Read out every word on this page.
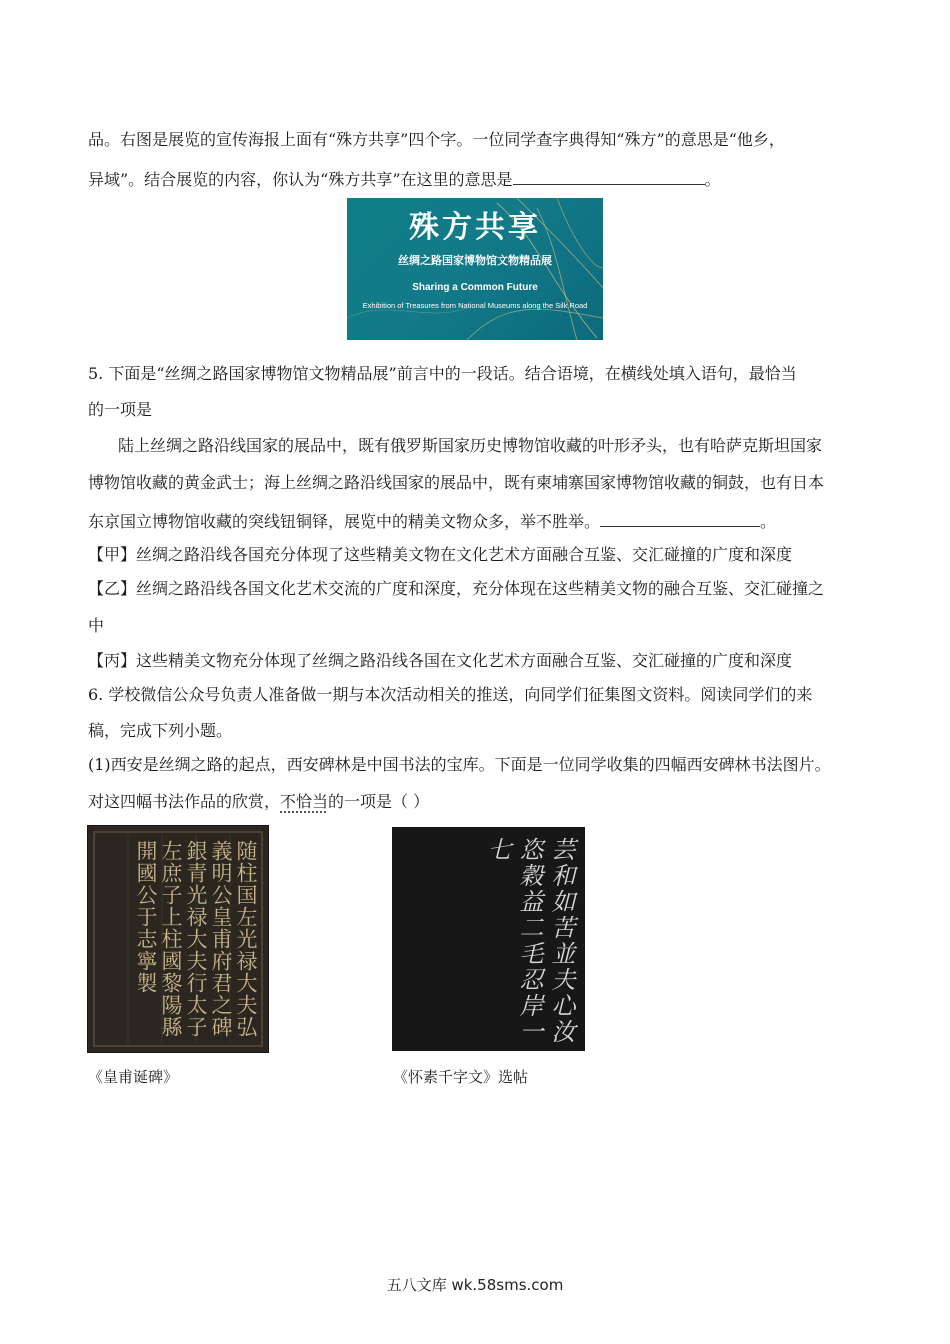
品。右图是展览的宣传海报上面有“殊方共享”四个字。一位同学查字典得知“殊方”的意思是“他乡，
异域”。结合展览的内容，你认为“殊方共享”在这里的意思是	。
殊方共享
丝绸之路国家博物馆文物精品展
Sharing a Common Future
Exhibition of Treasures from National Museums along the Silk Road
5. 下面是“丝绸之路国家博物馆文物精品展”前言中的一段话。结合语境，在横线处填入语句，最恰当
的一项是
陆上丝绸之路沿线国家的展品中，既有俄罗斯国家历史博物馆收藏的叶形矛头，也有哈萨克斯坦国家
博物馆收藏的黄金武士；海上丝绸之路沿线国家的展品中，既有柬埔寨国家博物馆收藏的铜鼓，也有日本
东京国立博物馆收藏的突线钮铜铎，展览中的精美文物众多，举不胜举。	。
【甲】丝绸之路沿线各国充分体现了这些精美文物在文化艺术方面融合互鉴、交汇碰撞的广度和深度
【乙】丝绸之路沿线各国文化艺术交流的广度和深度，充分体现在这些精美文物的融合互鉴、交汇碰撞之
中
【丙】这些精美文物充分体现了丝绸之路沿线各国在文化艺术方面融合互鉴、交汇碰撞的广度和深度
6. 学校微信公众号负责人准备做一期与本次活动相关的推送，向同学们征集图文资料。阅读同学们的来
稿，完成下列小题。
(1)西安是丝绸之路的起点，西安碑林是中国书法的宝库。下面是一位同学收集的四幅西安碑林书法图片。
对这四幅书法作品的欣赏，不恰当的一项是（ ）
随柱国左光禄大夫弘義明公皇甫府君之碑銀青光禄大夫行太子左庶子上柱國黎陽縣開國公于志寧製	芸和如苦並夫心汝恣穀益二毛忍岸一七
《皇甫诞碑》	《怀素千字文》选帖
五八文库 wk.58sms.com
